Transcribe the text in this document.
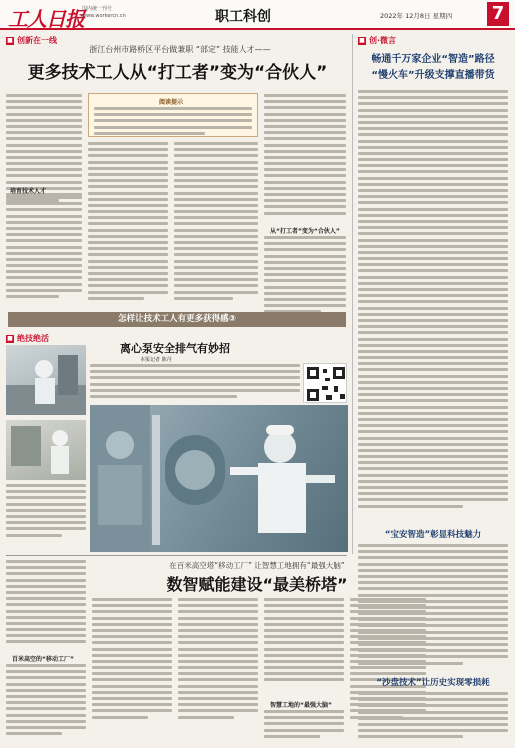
工人日报
国内统一刊号
www.workercn.cn	职工科创	2022年 12月8日 星期四 7
■ 创新在一线
浙江台州市路桥区平台做兼职 “部定” 技能人才——
更多技术工人从“打工者”变为“合伙人”
培育技术人才
阅读提示
从“打工者”变为“合伙人”
怎样让技术工人有更多获得感③
■ 绝技绝活
离心泵安全排气有妙招
本报记者 陈丹
百米高空的“移动工厂”
在百米高空塔“移动工厂” 让智慧工地拥有“最强大脑”
数智赋能建设“最美桥塔”
智慧工地的“最强大脑”
■ 创·微言
畅通千万家企业“智造”路径
“慢火车”升级支撑直播带货
“宝安智造”彰显科技魅力
“沙盘技术”让历史实现零损耗
